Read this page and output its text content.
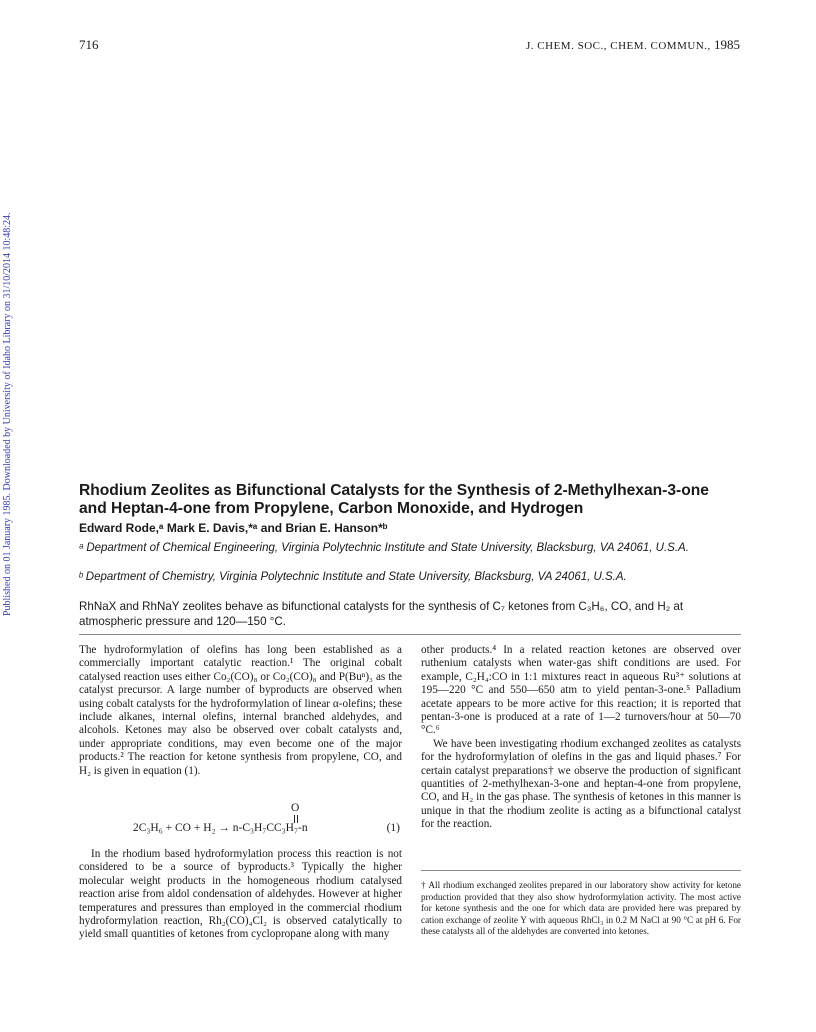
716	J. CHEM. SOC., CHEM. COMMUN., 1985
Published on 01 January 1985. Downloaded by University of Idaho Library on 31/10/2014 10:48:24.	Rhodium Zeolites as Bifunctional Catalysts for the Synthesis of 2-Methylhexan-3-one
and Heptan-4-one from Propylene, Carbon Monoxide, and Hydrogen

Edward Rode,ᵃ Mark E. Davis,*ᵃ and Brian E. Hanson*ᵇ

ᵃ Department of Chemical Engineering, Virginia Polytechnic Institute and State University, Blacksburg, VA 24061, U.S.A.

ᵇ Department of Chemistry, Virginia Polytechnic Institute and State University, Blacksburg, VA 24061, U.S.A.

RhNaX and RhNaY zeolites behave as bifunctional catalysts for the synthesis of C₇ ketones from C₃H₆, CO, and H₂ at atmospheric pressure and 120—150 °C.

The hydroformylation of olefins has long been established as a commercially important catalytic reaction.¹ The original cobalt catalysed reaction uses either Co₂(CO)₈ or Co₂(CO)₈ and P(Buⁿ)₃ as the catalyst precursor. A large number of byproducts are observed when using cobalt catalysts for the hydroformylation of linear α-olefins; these include alkanes, internal olefins, internal branched aldehydes, and alcohols. Ketones may also be observed over cobalt catalysts and, under appropriate conditions, may even become one of the major products.² The reaction for ketone synthesis from propylene, CO, and H₂ is given in equation (1).

O
2C₃H₆ + CO + H₂ → n-C₃H₇CC₃H₇-n	(1)

In the rhodium based hydroformylation process this reaction is not considered to be a source of byproducts.³ Typically the higher molecular weight products in the homogeneous rhodium catalysed reaction arise from aldol condensation of aldehydes. However at higher temperatures and pressures than employed in the commercial rhodium hydroformylation reaction, Rh₂(CO)₄Cl₂ is observed catalytically to yield small quantities of ketones from cyclopropane along with many

other products.⁴ In a related reaction ketones are observed over ruthenium catalysts when water-gas shift conditions are used. For example, C₂H₄:CO in 1:1 mixtures react in aqueous Ru³⁺ solutions at 195—220 °C and 550—650 atm to yield pentan-3-one.⁵ Palladium acetate appears to be more active for this reaction; it is reported that pentan-3-one is produced at a rate of 1—2 turnovers/hour at 50—70 °C.⁶

We have been investigating rhodium exchanged zeolites as catalysts for the hydroformylation of olefins in the gas and liquid phases.⁷ For certain catalyst preparations† we observe the production of significant quantities of 2-methylhexan-3-one and heptan-4-one from propylene, CO, and H₂ in the gas phase. The synthesis of ketones in this manner is unique in that the rhodium zeolite is acting as a bifunctional catalyst for the reaction.

† All rhodium exchanged zeolites prepared in our laboratory show activity for ketone production provided that they also show hydroformylation activity. The most active for ketone synthesis and the one for which data are provided here was prepared by cation exchange of zeolite Y with aqueous RhCl₃ in 0.2 M NaCl at 90 °C at pH 6. For these catalysts all of the aldehydes are converted into ketones.
